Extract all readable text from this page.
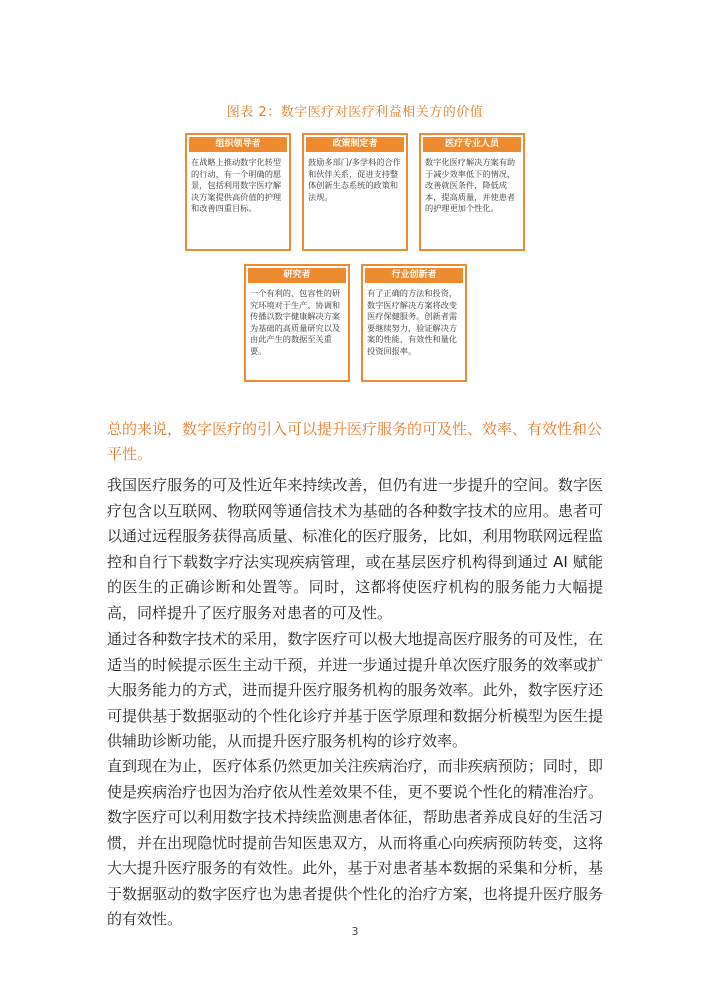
图表 2：数字医疗对医疗利益相关方的价值
组织领导者
在战略上推动数字化转型的行动，有一个明确的愿景，包括利用数字医疗解决方案提供高价值的护理和改善四重目标。
政策制定者
鼓励多部门/多学科的合作和伙伴关系，促进支持整体创新生态系统的政策和法规。
医疗专业人员
数字化医疗解决方案有助于减少效率低下的情况，改善就医条件，降低成本，提高质量，并使患者的护理更加个性化。
研究者
一个有利的、包容性的研究环境对于生产、协调和传播以数字健康解决方案为基础的高质量研究以及由此产生的数据至关重要。
行业创新者
有了正确的方法和投资，数字医疗解决方案将改变医疗保健服务。创新者需要继续努力，验证解决方案的性能、有效性和量化投资回报率。

总的来说，数字医疗的引入可以提升医疗服务的可及性、效率、有效性和公平性。

我国医疗服务的可及性近年来持续改善，但仍有进一步提升的空间。数字医疗包含以互联网、物联网等通信技术为基础的各种数字技术的应用。患者可以通过远程服务获得高质量、标准化的医疗服务，比如，利用物联网远程监控和自行下载数字疗法实现疾病管理，或在基层医疗机构得到通过 AI 赋能的医生的正确诊断和处置等。同时，这都将使医疗机构的服务能力大幅提高，同样提升了医疗服务对患者的可及性。

通过各种数字技术的采用，数字医疗可以极大地提高医疗服务的可及性，在适当的时候提示医生主动干预，并进一步通过提升单次医疗服务的效率或扩大服务能力的方式，进而提升医疗服务机构的服务效率。此外，数字医疗还可提供基于数据驱动的个性化诊疗并基于医学原理和数据分析模型为医生提供辅助诊断功能，从而提升医疗服务机构的诊疗效率。

直到现在为止，医疗体系仍然更加关注疾病治疗，而非疾病预防；同时，即使是疾病治疗也因为治疗依从性差效果不佳，更不要说个性化的精准治疗。数字医疗可以利用数字技术持续监测患者体征，帮助患者养成良好的生活习惯，并在出现隐忧时提前告知医患双方，从而将重心向疾病预防转变，这将大大提升医疗服务的有效性。此外，基于对患者基本数据的采集和分析，基于数据驱动的数字医疗也为患者提供个性化的治疗方案，也将提升医疗服务的有效性。

3
